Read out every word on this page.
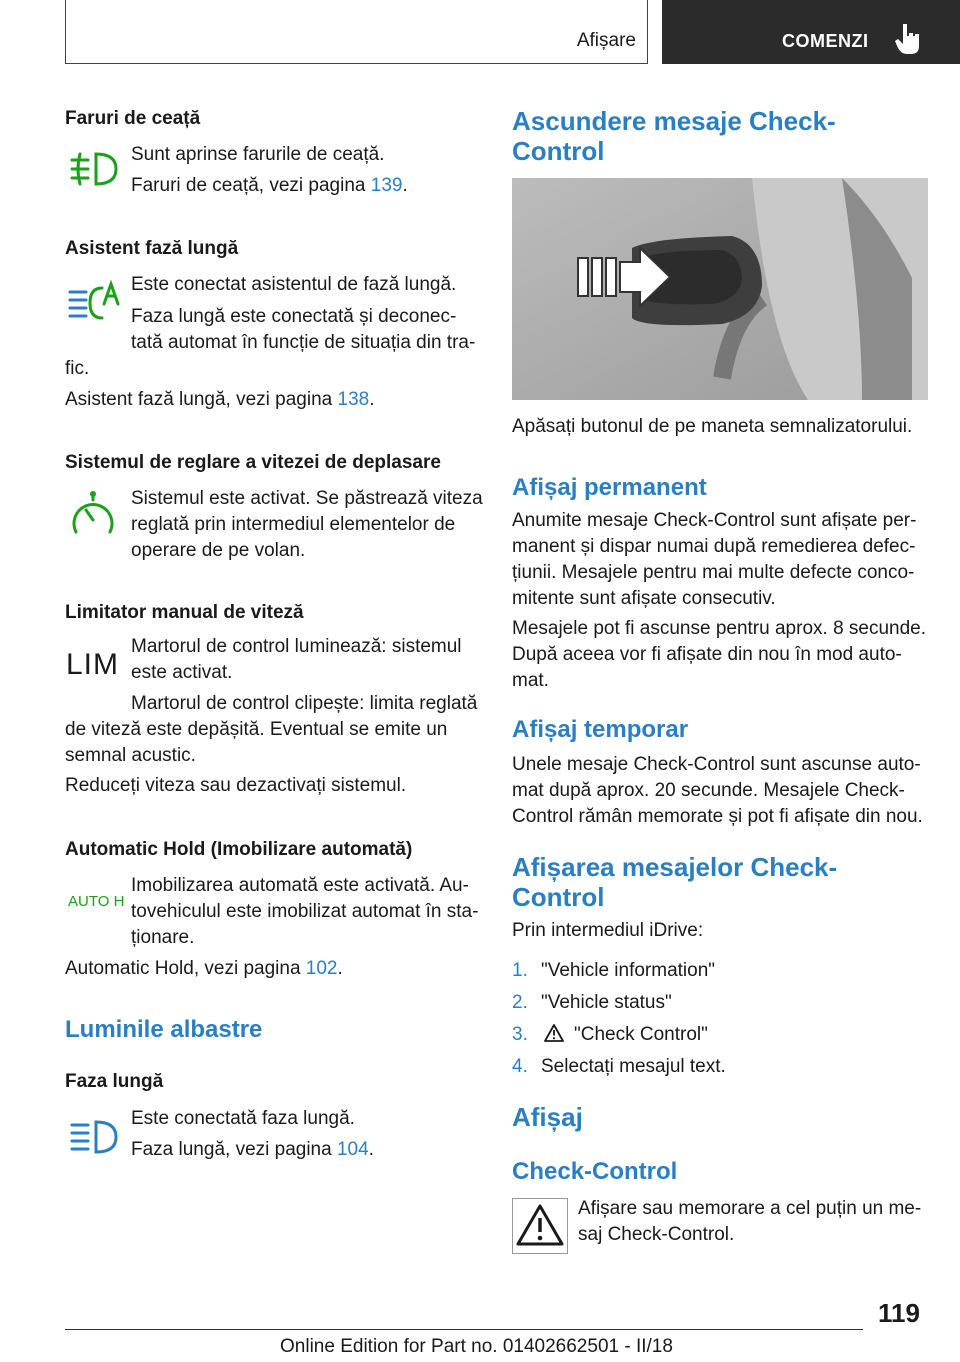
Afișare	COMENZI
Faruri de ceață
Sunt aprinse farurile de ceață.
Faruri de ceață, vezi pagina 139.
Asistent fază lungă
Este conectat asistentul de fază lungă.
Faza lungă este conectată și deconec-
tată automat în funcție de situația din tra-
fic.
Asistent fază lungă, vezi pagina 138.
Sistemul de reglare a vitezei de deplasare
Sistemul este activat. Se păstrează viteza
reglată prin intermediul elementelor de
operare de pe volan.
Limitator manual de viteză
LIM
Martorul de control luminează: sistemul
este activat.
Martorul de control clipește: limita reglată
de viteză este depășită. Eventual se emite un
semnal acustic.
Reduceți viteza sau dezactivați sistemul.
Automatic Hold (Imobilizare automată)
AUTO H
Imobilizarea automată este activată. Au-
tovehiculul este imobilizat automat în sta-
ționare.
Automatic Hold, vezi pagina 102.
Luminile albastre
Faza lungă
Este conectată faza lungă.
Faza lungă, vezi pagina 104.
Ascundere mesaje Check-
Control
Apăsați butonul de pe maneta semnalizatorului.
Afișaj permanent
Anumite mesaje Check-Control sunt afișate per-
manent și dispar numai după remedierea defec-
țiunii. Mesajele pentru mai multe defecte conco-
mitente sunt afișate consecutiv.
Mesajele pot fi ascunse pentru aprox. 8 secunde.
După aceea vor fi afișate din nou în mod auto-
mat.
Afișaj temporar
Unele mesaje Check-Control sunt ascunse auto-
mat după aprox. 20 secunde. Mesajele Check-
Control rămân memorate și pot fi afișate din nou.
Afișarea mesajelor Check-
Control
Prin intermediul iDrive:
1. "Vehicle information"
2. "Vehicle status"
3. "Check Control"
4. Selectați mesajul text.
Afișaj
Check-Control
Afișare sau memorare a cel puțin un me-
saj Check-Control.
119
Online Edition for Part no. 01402662501 - II/18
